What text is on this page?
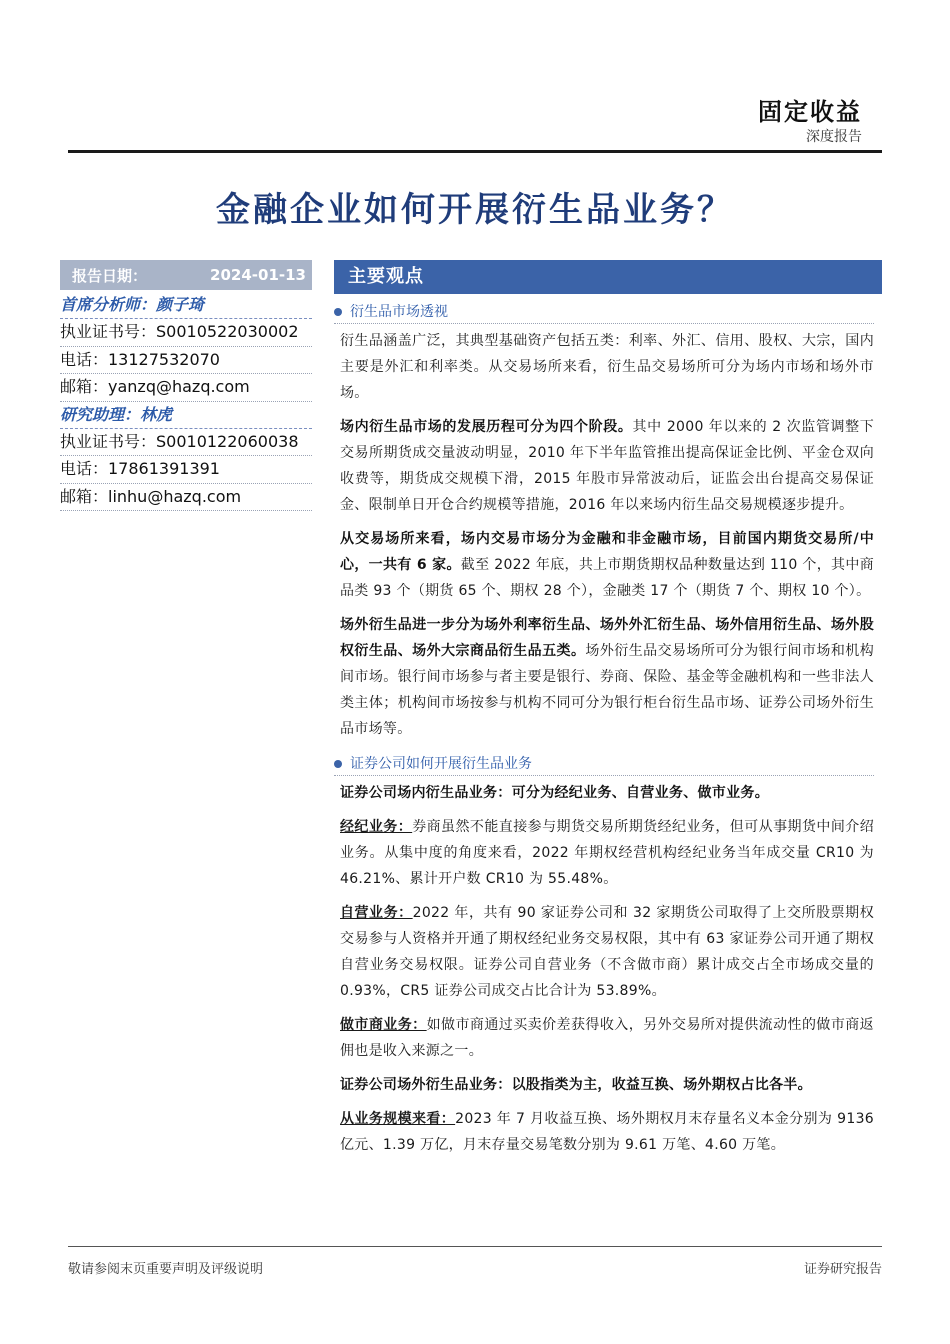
固定收益
深度报告
金融企业如何开展衍生品业务？
报告日期：	2024-01-13
首席分析师：颜子琦
执业证书号：S0010522030002
电话：13127532070
邮箱：yanzq@hazq.com
研究助理：林虎
执业证书号：S0010122060038
电话：17861391391
邮箱：linhu@hazq.com
主要观点
衍生品市场透视

衍生品涵盖广泛，其典型基础资产包括五类：利率、外汇、信用、股权、大宗，国内主要是外汇和利率类。从交易场所来看，衍生品交易场所可分为场内市场和场外市场。

场内衍生品市场的发展历程可分为四个阶段。其中 2000 年以来的 2 次监管调整下交易所期货成交量波动明显，2010 年下半年监管推出提高保证金比例、平金仓双向收费等，期货成交规模下滑，2015 年股市异常波动后，证监会出台提高交易保证金、限制单日开仓合约规模等措施，2016 年以来场内衍生品交易规模逐步提升。

从交易场所来看，场内交易市场分为金融和非金融市场，目前国内期货交易所/中心，一共有 6 家。截至 2022 年底，共上市期货期权品种数量达到 110 个，其中商品类 93 个（期货 65 个、期权 28 个），金融类 17 个（期货 7 个、期权 10 个）。

场外衍生品进一步分为场外利率衍生品、场外外汇衍生品、场外信用衍生品、场外股权衍生品、场外大宗商品衍生品五类。场外衍生品交易场所可分为银行间市场和机构间市场。银行间市场参与者主要是银行、券商、保险、基金等金融机构和一些非法人类主体；机构间市场按参与机构不同可分为银行柜台衍生品市场、证券公司场外衍生品市场等。

证券公司如何开展衍生品业务

证券公司场内衍生品业务：可分为经纪业务、自营业务、做市业务。

经纪业务：券商虽然不能直接参与期货交易所期货经纪业务，但可从事期货中间介绍业务。从集中度的角度来看，2022 年期权经营机构经纪业务当年成交量 CR10 为 46.21%、累计开户数 CR10 为 55.48%。

自营业务：2022 年，共有 90 家证券公司和 32 家期货公司取得了上交所股票期权交易参与人资格并开通了期权经纪业务交易权限，其中有 63 家证券公司开通了期权自营业务交易权限。证券公司自营业务（不含做市商）累计成交占全市场成交量的 0.93%，CR5 证券公司成交占比合计为 53.89%。

做市商业务：如做市商通过买卖价差获得收入，另外交易所对提供流动性的做市商返佣也是收入来源之一。

证券公司场外衍生品业务：以股指类为主，收益互换、场外期权占比各半。

从业务规模来看：2023 年 7 月收益互换、场外期权月末存量名义本金分别为 9136 亿元、1.39 万亿，月末存量交易笔数分别为 9.61 万笔、4.60 万笔。

敬请参阅末页重要声明及评级说明	证券研究报告
